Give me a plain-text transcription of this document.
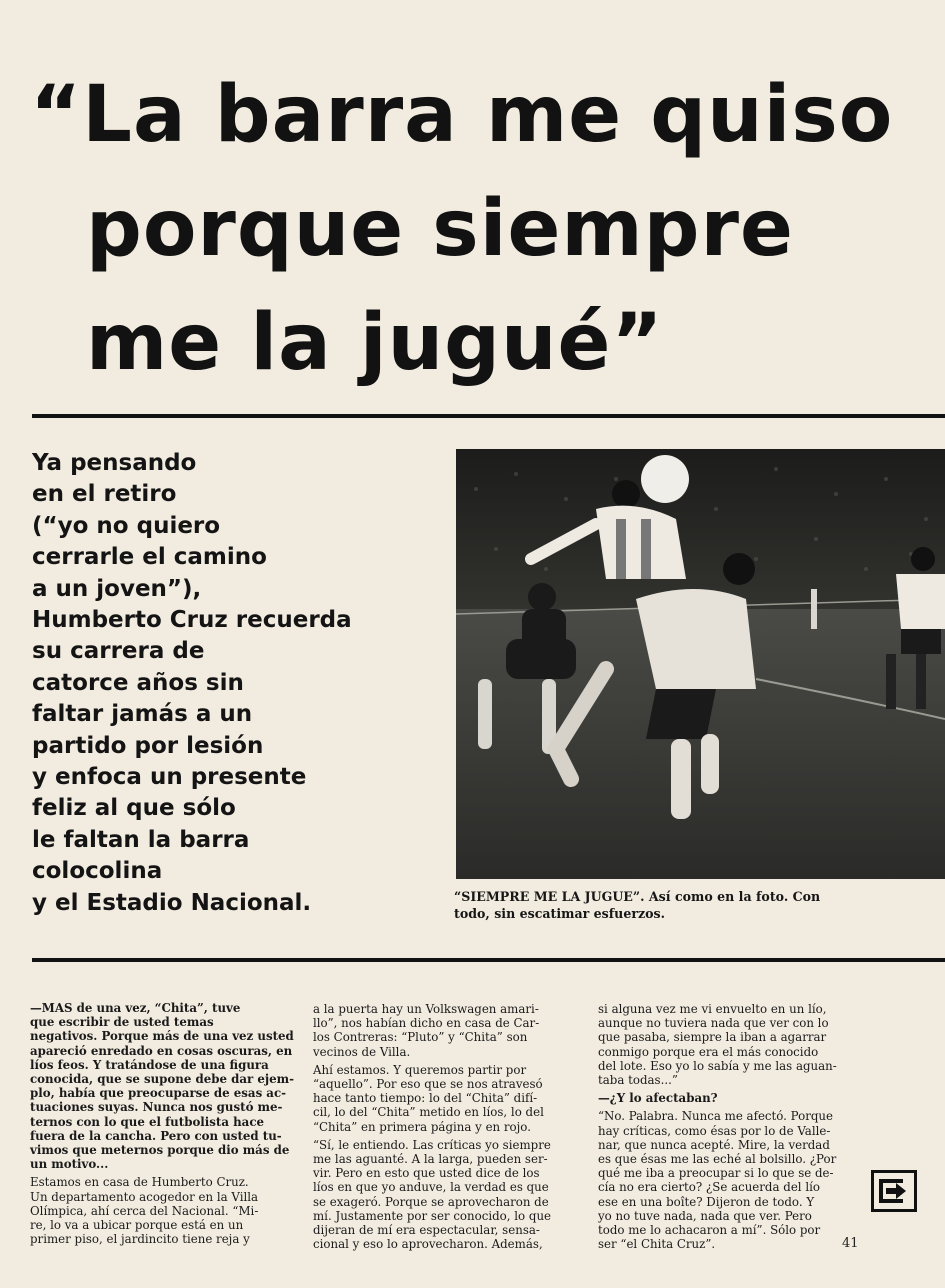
“La barra me quiso
porque siempre
me la jugué”
Ya pensando
en el retiro
(“yo no quiero
cerrarle el camino
a un joven”),
Humberto Cruz recuerda
su carrera de
catorce años sin
faltar jamás a un
partido por lesión
y enfoca un presente
feliz al que sólo
le faltan la barra
colocolina
y el Estadio Nacional.	“SIEMPRE ME LA JUGUE”. Así como en la foto. Con
todo, sin escatimar esfuerzos.

—MAS de una vez, “Chita”, tuve
que escribir de usted temas
negativos. Porque más de una vez usted
apareció enredado en cosas oscuras, en
líos feos. Y tratándose de una figura
conocida, que se supone debe dar ejem-
plo, había que preocuparse de esas ac-
tuaciones suyas. Nunca nos gustó me-
ternos con lo que el futbolista hace
fuera de la cancha. Pero con usted tu-
vimos que meternos porque dio más de
un motivo...

Estamos en casa de Humberto Cruz.
Un departamento acogedor en la Villa
Olímpica, ahí cerca del Nacional. “Mi-
re, lo va a ubicar porque está en un
primer piso, el jardincito tiene reja y

a la puerta hay un Volkswagen amari-
llo”, nos habían dicho en casa de Car-
los Contreras: “Pluto” y “Chita” son
vecinos de Villa.

Ahí estamos. Y queremos partir por
“aquello”. Por eso que se nos atravesó
hace tanto tiempo: lo del “Chita” difí-
cil, lo del “Chita” metido en líos, lo del
“Chita” en primera página y en rojo.

“Sí, le entiendo. Las críticas yo siempre
me las aguanté. A la larga, pueden ser-
vir. Pero en esto que usted dice de los
líos en que yo anduve, la verdad es que
se exageró. Porque se aprovecharon de
mí. Justamente por ser conocido, lo que
dijeran de mí era espectacular, sensa-
cional y eso lo aprovecharon. Además,

si alguna vez me vi envuelto en un lío,
aunque no tuviera nada que ver con lo
que pasaba, siempre la iban a agarrar
conmigo porque era el más conocido
del lote. Eso yo lo sabía y me las aguan-
taba todas...”

—¿Y lo afectaban?

“No. Palabra. Nunca me afectó. Porque
hay críticas, como ésas por lo de Valle-
nar, que nunca acepté. Mire, la verdad
es que ésas me las eché al bolsillo. ¿Por
qué me iba a preocupar si lo que se de-
cía no era cierto? ¿Se acuerda del lío
ese en una boîte? Dijeron de todo. Y
yo no tuve nada, nada que ver. Pero
todo me lo achacaron a mí”. Sólo por
ser “el Chita Cruz”.	41
